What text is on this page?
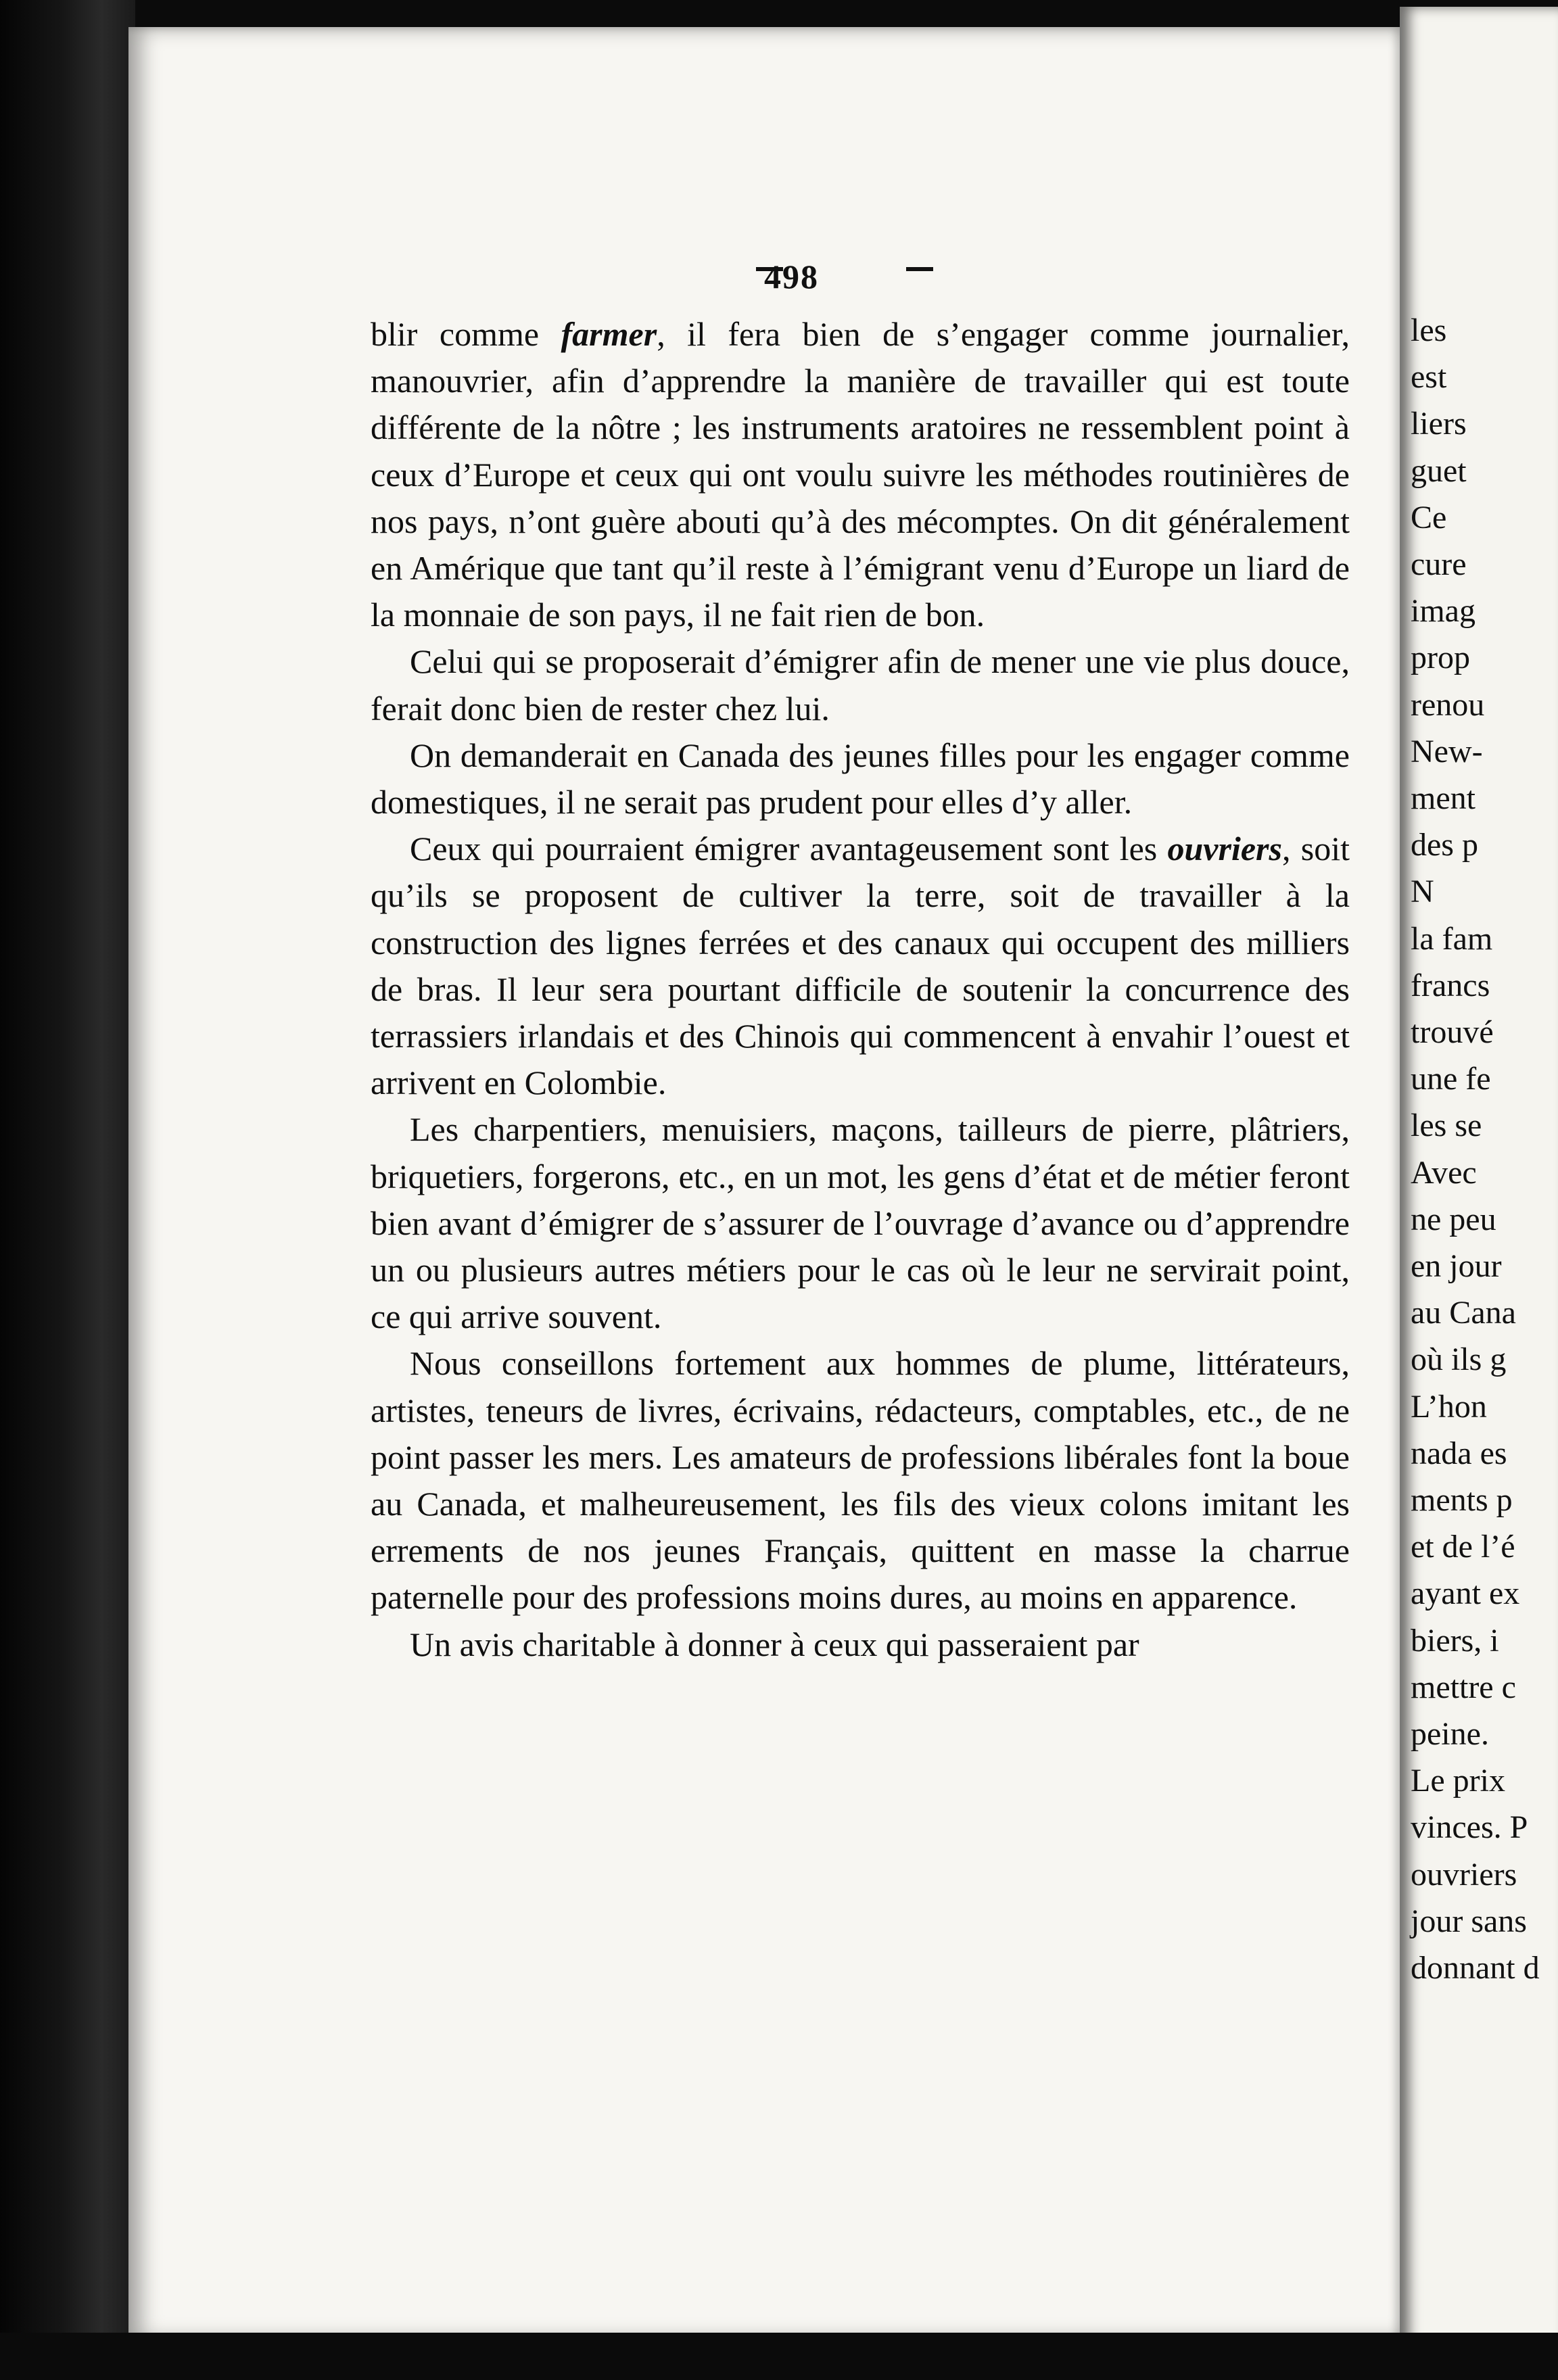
498

blir comme farmer, il fera bien de s’engager comme journalier, manouvrier, afin d’apprendre la manière de travailler qui est toute différente de la nôtre ; les instruments aratoires ne ressemblent point à ceux d’Europe et ceux qui ont voulu suivre les méthodes routinières de nos pays, n’ont guère abouti qu’à des mécomptes. On dit généralement en Amérique que tant qu’il reste à l’émigrant venu d’Europe un liard de la monnaie de son pays, il ne fait rien de bon.

Celui qui se proposerait d’émigrer afin de mener une vie plus douce, ferait donc bien de rester chez lui.

On demanderait en Canada des jeunes filles pour les engager comme domestiques, il ne serait pas prudent pour elles d’y aller.

Ceux qui pourraient émigrer avantageusement sont les ouvriers, soit qu’ils se proposent de cultiver la terre, soit de travailler à la construction des lignes ferrées et des canaux qui occupent des milliers de bras. Il leur sera pourtant difficile de soutenir la concurrence des terrassiers irlandais et des Chinois qui commencent à envahir l’ouest et arrivent en Colombie.

Les charpentiers, menuisiers, maçons, tailleurs de pierre, plâtriers, briquetiers, forgerons, etc., en un mot, les gens d’état et de métier feront bien avant d’émigrer de s’assurer de l’ouvrage d’avance ou d’apprendre un ou plusieurs autres métiers pour le cas où le leur ne servirait point, ce qui arrive souvent.

Nous conseillons fortement aux hommes de plume, littérateurs, artistes, teneurs de livres, écrivains, rédacteurs, comptables, etc., de ne point passer les mers. Les amateurs de professions libérales font la boue au Canada, et malheureusement, les fils des vieux colons imitant les errements de nos jeunes Français, quittent en masse la charrue paternelle pour des professions moins dures, au moins en apparence.

Un avis charitable à donner à ceux qui passeraient par

les
est
liers
guet
Ce
cure
imag
prop
renou
New-
ment
des p
N
la fam
francs
trouvé
une fe
les se
Avec
ne peu
en jour
au Cana
où ils g
L’hon
nada es
ments p
et de l’é
ayant ex
biers, i
mettre c
peine.
Le prix
vinces. P
ouvriers
jour sans
donnant d
